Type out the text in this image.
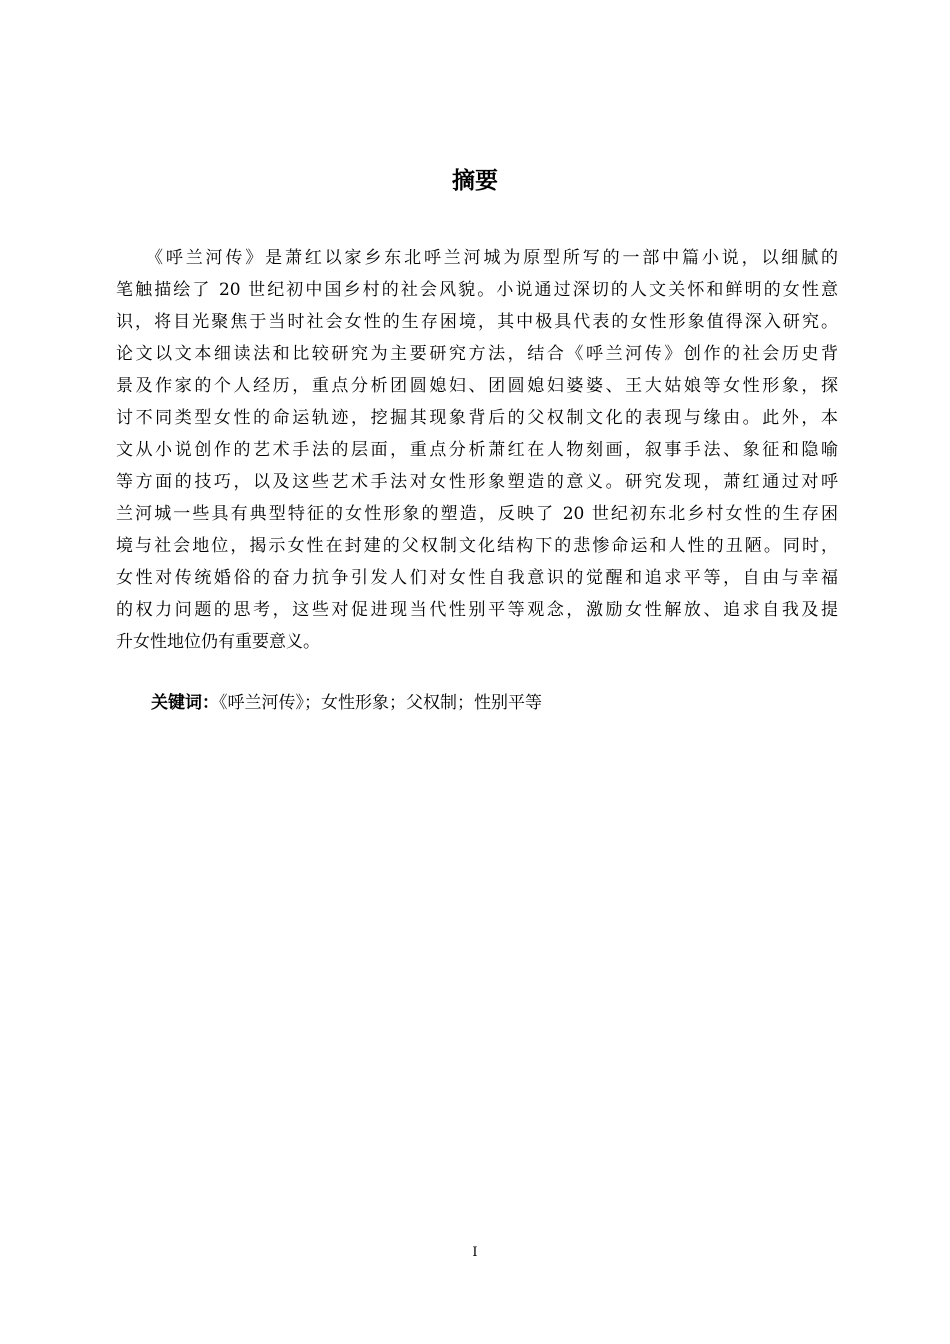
摘要
《呼兰河传》是萧红以家乡东北呼兰河城为原型所写的一部中篇小说，以细腻的
笔触描绘了 20 世纪初中国乡村的社会风貌。小说通过深切的人文关怀和鲜明的女性意
识，将目光聚焦于当时社会女性的生存困境，其中极具代表的女性形象值得深入研究。
论文以文本细读法和比较研究为主要研究方法，结合《呼兰河传》创作的社会历史背
景及作家的个人经历，重点分析团圆媳妇、团圆媳妇婆婆、王大姑娘等女性形象，探
讨不同类型女性的命运轨迹，挖掘其现象背后的父权制文化的表现与缘由。此外，本
文从小说创作的艺术手法的层面，重点分析萧红在人物刻画，叙事手法、象征和隐喻
等方面的技巧，以及这些艺术手法对女性形象塑造的意义。研究发现，萧红通过对呼
兰河城一些具有典型特征的女性形象的塑造，反映了 20 世纪初东北乡村女性的生存困
境与社会地位，揭示女性在封建的父权制文化结构下的悲惨命运和人性的丑陋。同时，
女性对传统婚俗的奋力抗争引发人们对女性自我意识的觉醒和追求平等，自由与幸福
的权力问题的思考，这些对促进现当代性别平等观念，激励女性解放、追求自我及提
升女性地位仍有重要意义。
关键词：《呼兰河传》；女性形象；父权制；性别平等
I
